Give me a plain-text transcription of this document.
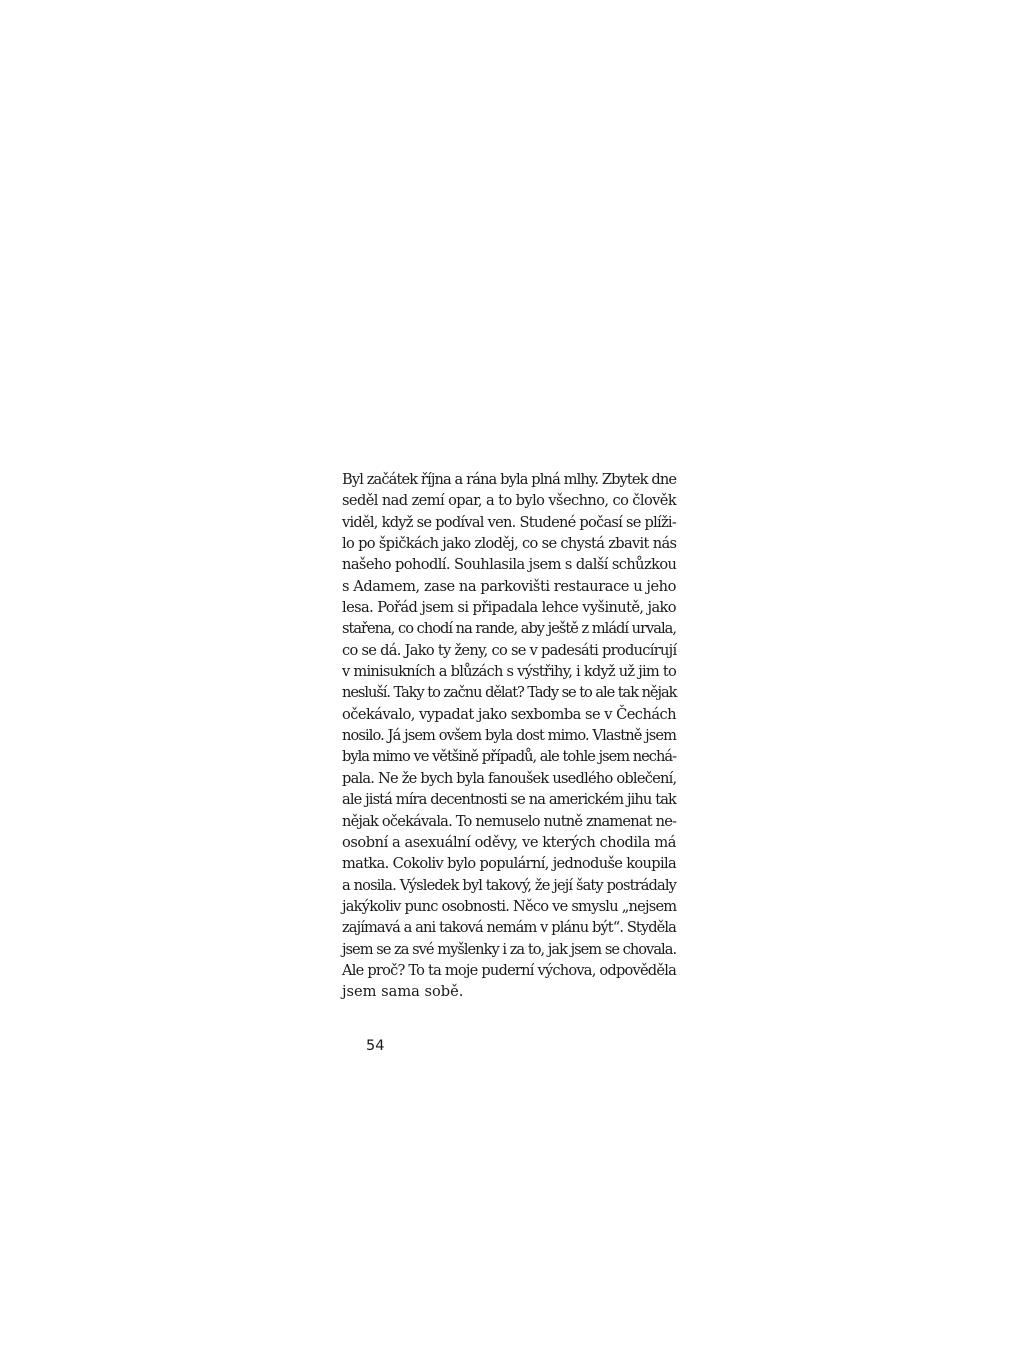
Byl začátek října a rána byla plná mlhy. Zbytek dne
seděl nad zemí opar, a to bylo všechno, co člověk
viděl, když se podíval ven. Studené počasí se plíži-
lo po špičkách jako zloděj, co se chystá zbavit nás
našeho pohodlí. Souhlasila jsem s další schůzkou
s Adamem, zase na parkovišti restaurace u jeho
lesa. Pořád jsem si připadala lehce vyšinutě, jako
stařena, co chodí na rande, aby ještě z mládí urvala,
co se dá. Jako ty ženy, co se v padesáti producírují
v minisukních a blůzách s výstřihy, i když už jim to
nesluší. Taky to začnu dělat? Tady se to ale tak nějak
očekávalo, vypadat jako sexbomba se v Čechách
nosilo. Já jsem ovšem byla dost mimo. Vlastně jsem
byla mimo ve většině případů, ale tohle jsem nechá-
pala. Ne že bych byla fanoušek usedlého oblečení,
ale jistá míra decentnosti se na americkém jihu tak
nějak očekávala. To nemuselo nutně znamenat ne-
osobní a asexuální oděvy, ve kterých chodila má
matka. Cokoliv bylo populární, jednoduše koupila
a nosila. Výsledek byl takový, že její šaty postrádaly
jakýkoliv punc osobnosti. Něco ve smyslu „nejsem
zajímavá a ani taková nemám v plánu být“. Styděla
jsem se za své myšlenky i za to, jak jsem se chovala.
Ale proč? To ta moje puderní výchova, odpověděla
jsem sama sobě.
54
